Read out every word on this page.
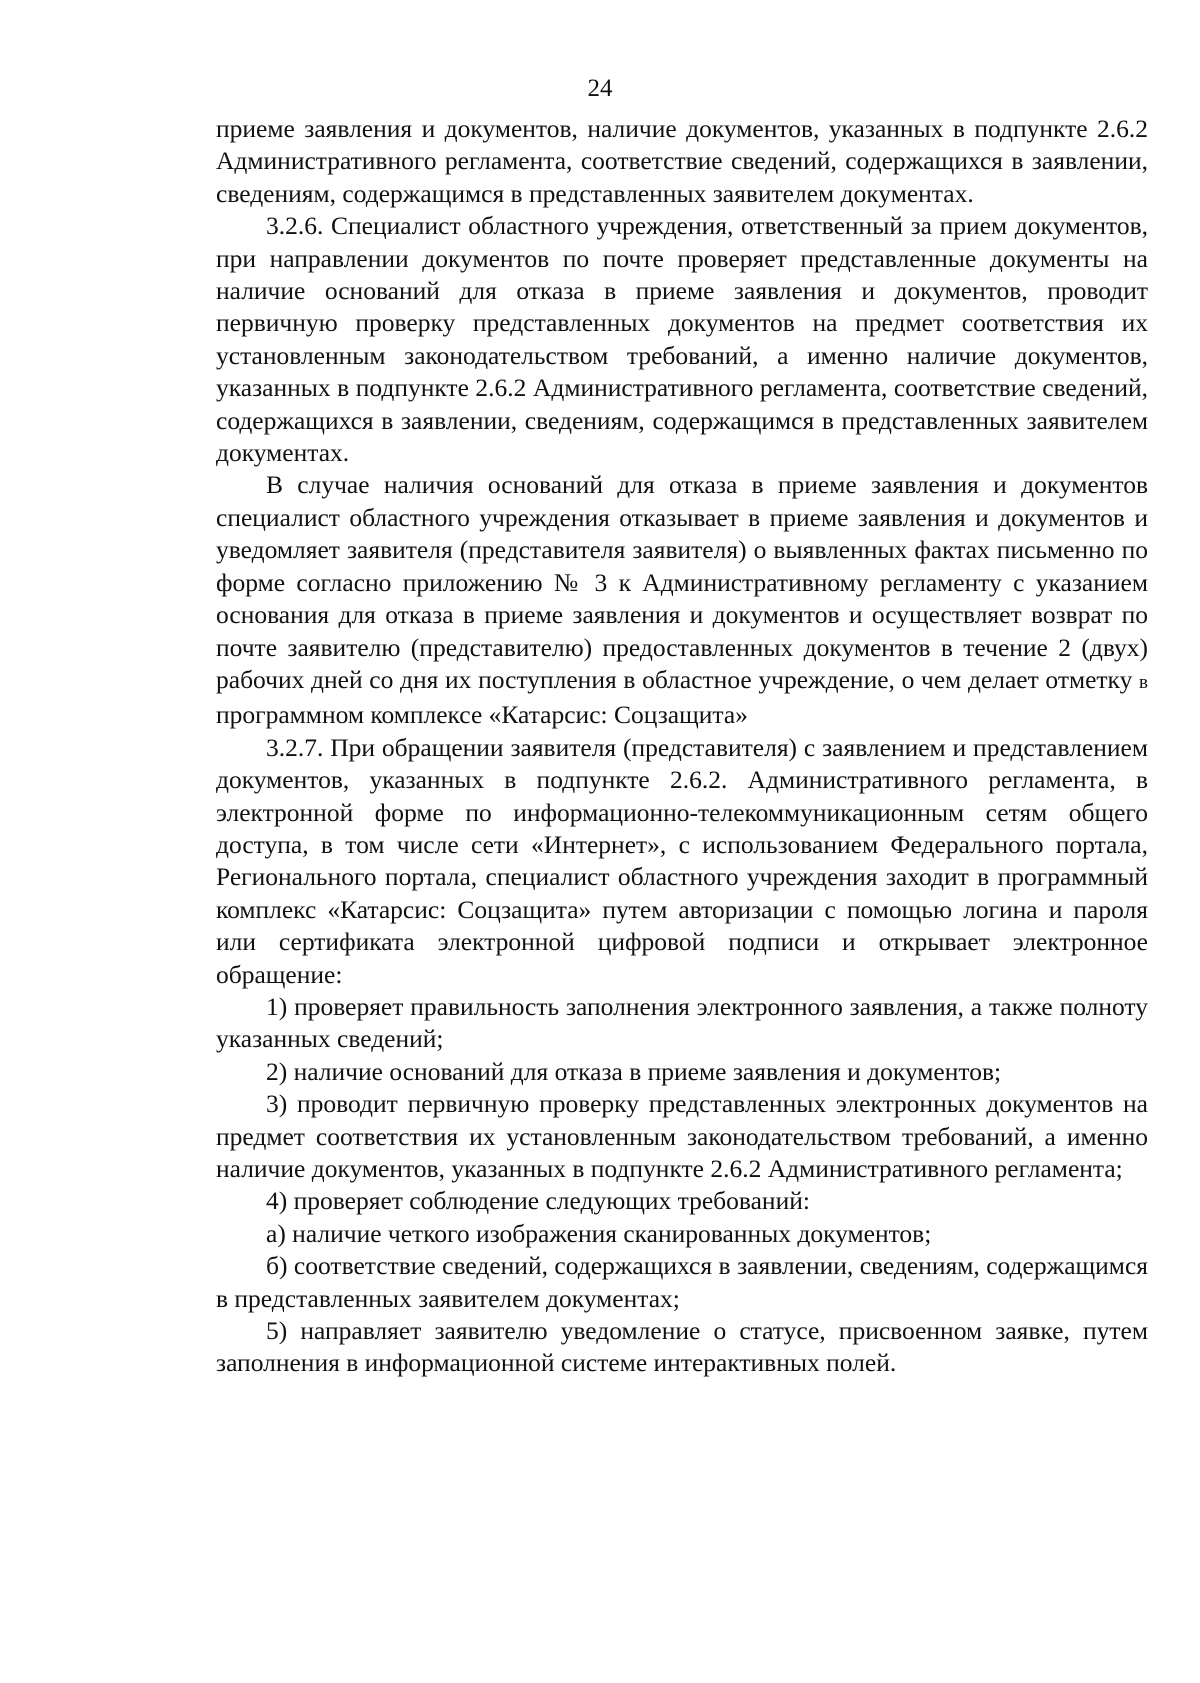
24

приеме заявления и документов, наличие документов, указанных в подпункте 2.6.2 Административного регламента, соответствие сведений, содержащихся в заявлении, сведениям, содержащимся в представленных заявителем документах.

3.2.6. Специалист областного учреждения, ответственный за прием документов, при направлении документов по почте проверяет представленные документы на наличие оснований для отказа в приеме заявления и документов, проводит первичную проверку представленных документов на предмет соответствия их установленным законодательством требований, а именно наличие документов, указанных в подпункте 2.6.2 Административного регламента, соответствие сведений, содержащихся в заявлении, сведениям, содержащимся в представленных заявителем документах.

В случае наличия оснований для отказа в приеме заявления и документов специалист областного учреждения отказывает в приеме заявления и документов и уведомляет заявителя (представителя заявителя) о выявленных фактах письменно по форме согласно приложению № 3 к Административному регламенту с указанием основания для отказа в приеме заявления и документов и осуществляет возврат по почте заявителю (представителю) предоставленных документов в течение 2 (двух) рабочих дней со дня их поступления в областное учреждение, о чем делает отметку в программном комплексе «Катарсис: Соцзащита»

3.2.7. При обращении заявителя (представителя) с заявлением и представлением документов, указанных в подпункте 2.6.2. Административного регламента, в электронной форме по информационно-телекоммуникационным сетям общего доступа, в том числе сети «Интернет», с использованием Федерального портала, Регионального портала, специалист областного учреждения заходит в программный комплекс «Катарсис: Соцзащита» путем авторизации с помощью логина и пароля или сертификата электронной цифровой подписи и открывает электронное обращение:

1) проверяет правильность заполнения электронного заявления, а также полноту указанных сведений;

2) наличие оснований для отказа в приеме заявления и документов;

3) проводит первичную проверку представленных электронных документов на предмет соответствия их установленным законодательством требований, а именно наличие документов, указанных в подпункте 2.6.2 Административного регламента;

4) проверяет соблюдение следующих требований:

а) наличие четкого изображения сканированных документов;

б) соответствие сведений, содержащихся в заявлении, сведениям, содержащимся в представленных заявителем документах;

5) направляет заявителю уведомление о статусе, присвоенном заявке, путем заполнения в информационной системе интерактивных полей.
